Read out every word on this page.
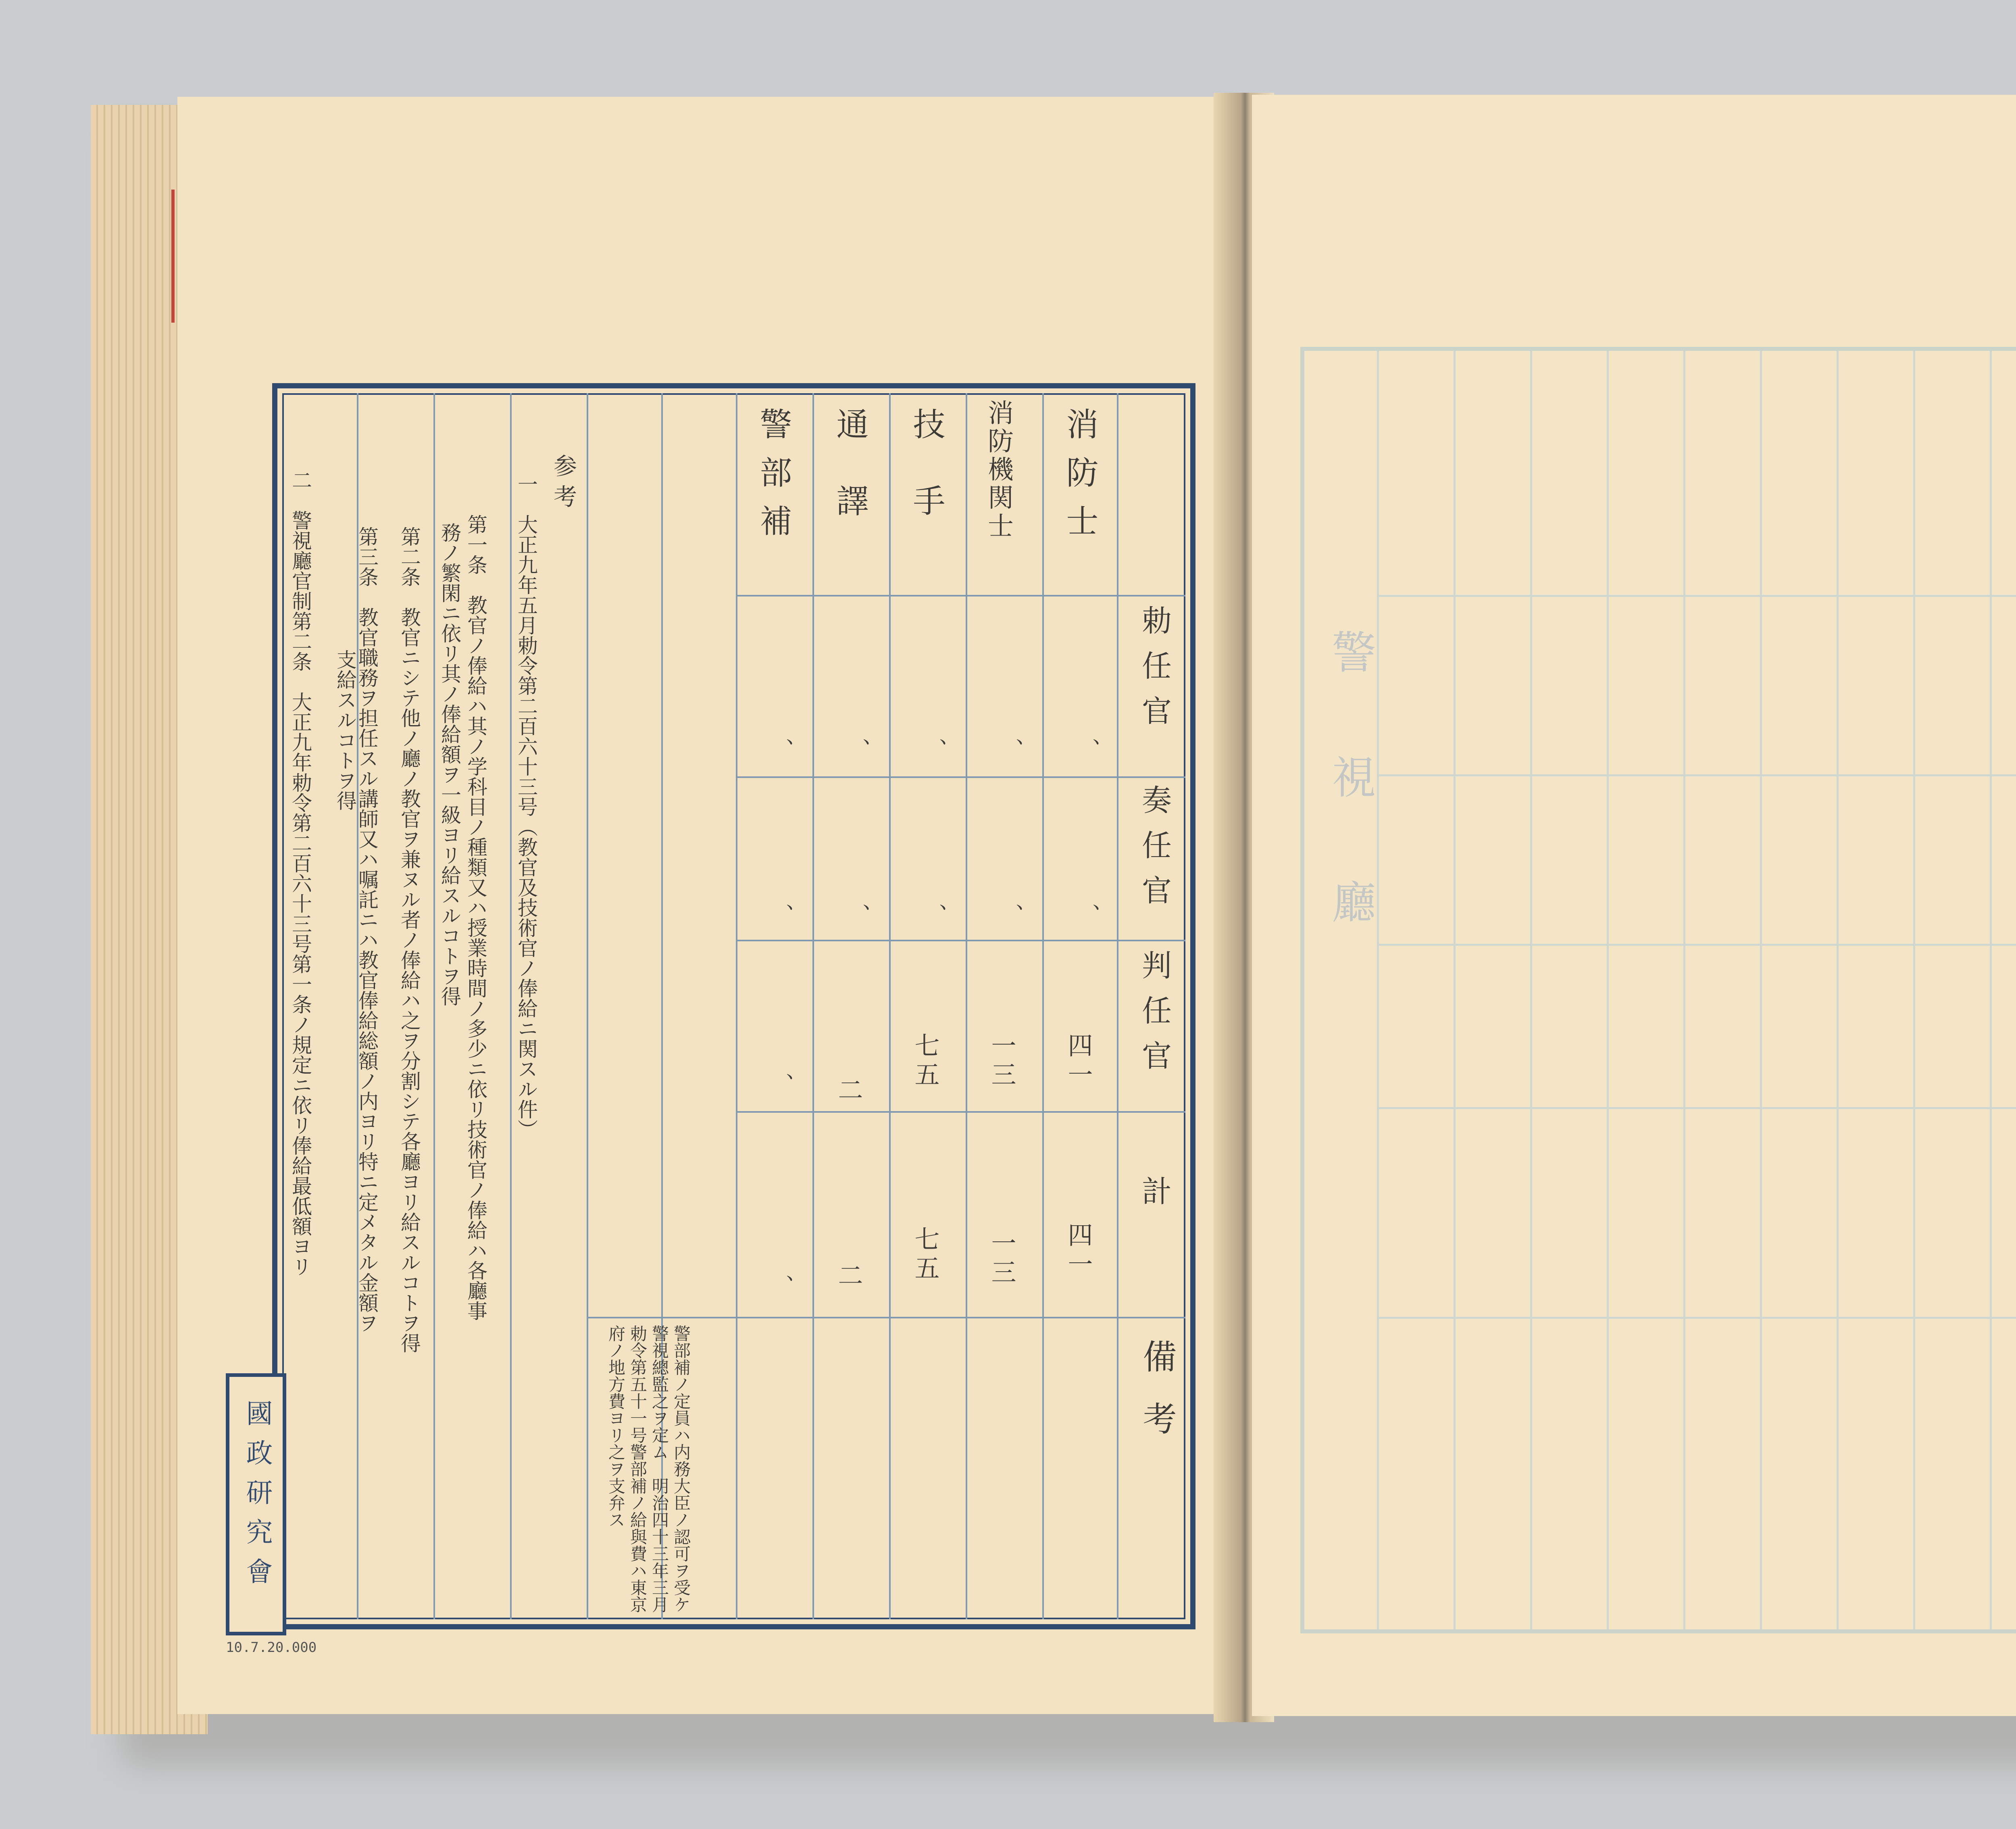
勅任官
奏任官
判任官
計
備考
消防士
消防機関士
技手
通譯
警部補
、
、
、
、
、
、
、
、
、
、
四一
一三
七五
二
、
四一
一三
七五
二
、
警部補ノ定員ハ内務大臣ノ認可ヲ受ケ警視總監之ヲ定ム　明治四十三年三月勅令第五十一号警部補ノ給與費ハ東京府ノ地方費ヨリ之ヲ支弁ス
参考
一　大正九年五月勅令第二百六十三号（教官及技術官ノ俸給ニ関スル件）
第一条　教官ノ俸給ハ其ノ学科目ノ種類又ハ授業時間ノ多少ニ依リ技術官ノ俸給ハ各廳事
務ノ繁閑ニ依リ其ノ俸給額ヲ一級ヨリ給スルコトヲ得
第二条　教官ニシテ他ノ廳ノ教官ヲ兼ヌル者ノ俸給ハ之ヲ分割シテ各廳ヨリ給スルコトヲ得
第三条　教官職務ヲ担任スル講師又ハ嘱託ニハ教官俸給総額ノ内ヨリ特ニ定メタル金額ヲ
支給スルコトヲ得
二　警視廳官制第二条　大正九年勅令第二百六十三号第一条ノ規定ニ依リ俸給最低額ヨリ
國政研究會
10.7.20.000
警視廳
